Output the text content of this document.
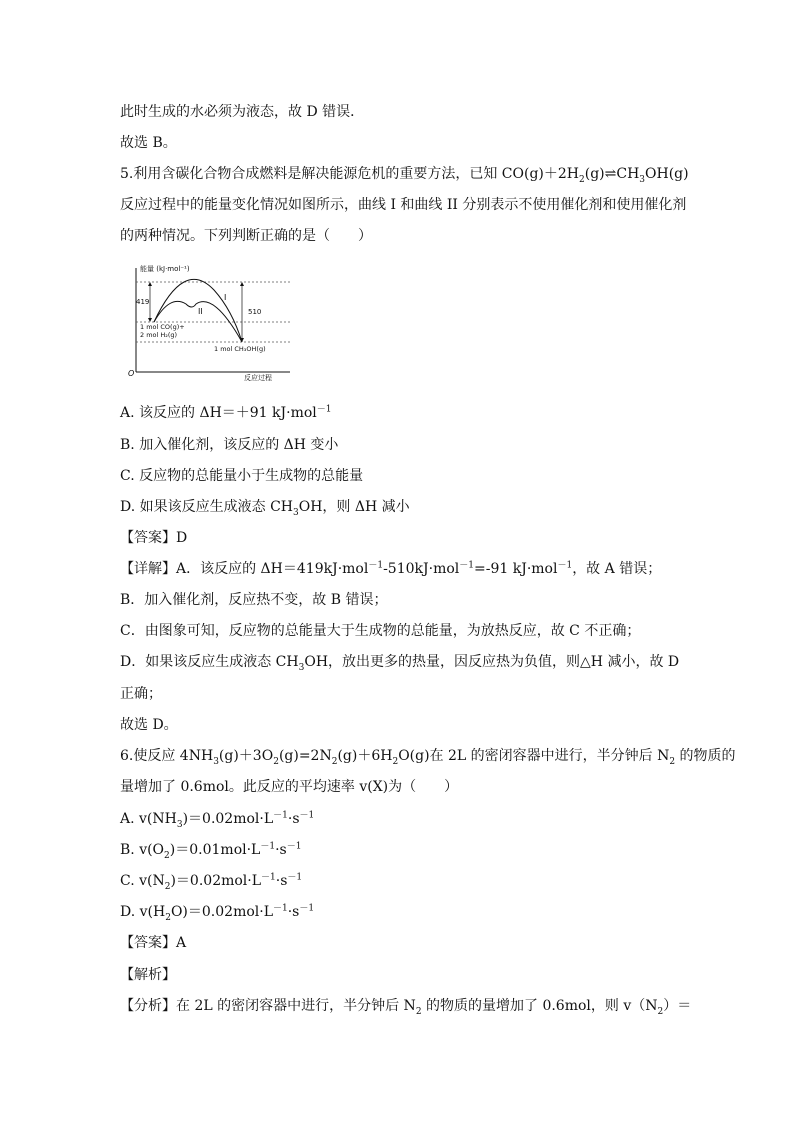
此时生成的水必须为液态，故 D 错误．
故选 B。
5.利用含碳化合物合成燃料是解决能源危机的重要方法，已知 $CO(g)+2H_2(g)\rightleftharpoons CH_3OH(g)$
反应过程中的能量变化情况如图所示，曲线 I 和曲线 II 分别表示不使用催化剂和使用催化剂
的两种情况。下列判断正确的是（　　）
能量 (kJ·mol⁻¹)
O	反应过程
419
510
I
II
1 mol CO(g)+
2 mol H₂(g)
1 mol CH₃OH(g)
A. 该反应的 ΔH＝＋91 kJ·mol$^{-1}$
B. 加入催化剂，该反应的 ΔH 变小
C. 反应物的总能量小于生成物的总能量
D. 如果该反应生成液态 $CH_3OH$，则 ΔH 减小
【答案】D
【详解】A．该反应的 ΔH＝419kJ·mol$^{-1}$-510kJ·mol$^{-1}$=-91 kJ·mol$^{-1}$，故 A 错误；
B．加入催化剂，反应热不变，故 B 错误；
C．由图象可知，反应物的总能量大于生成物的总能量，为放热反应，故 C 不正确；
D．如果该反应生成液态 $CH_3OH$，放出更多的热量，因反应热为负值，则△H 减小，故 D
正确；
故选 D。
6.使反应 $4NH_3(g)+3O_2(g)=2N_2(g)+6H_2O(g)$在 2L 的密闭容器中进行，半分钟后 $N_2$ 的物质的
量增加了 0.6mol。此反应的平均速率 v(X)为（　　）
A. $v(NH_3)=0.02mol\cdot L^{-1}\cdot s^{-1}$
B. $v(O_2)=0.01mol\cdot L^{-1}\cdot s^{-1}$
C. $v(N_2)=0.02mol\cdot L^{-1}\cdot s^{-1}$
D. $v(H_2O)=0.02mol\cdot L^{-1}\cdot s^{-1}$
【答案】A
【解析】
【分析】在 2L 的密闭容器中进行，半分钟后 $N_2$ 的物质的量增加了 0.6mol，则 $v(N_2)=$
